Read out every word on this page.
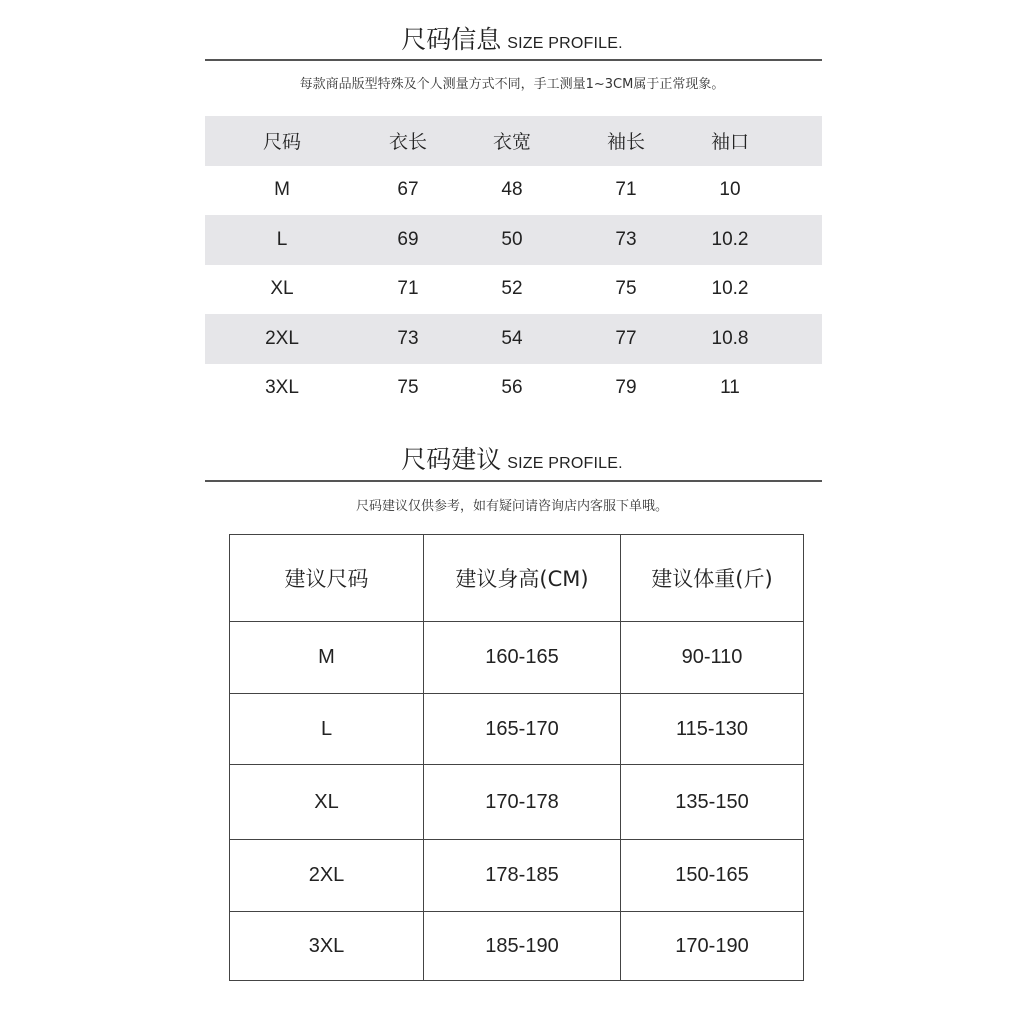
尺码信息 SIZE PROFILE.
每款商品版型特殊及个人测量方式不同，手工测量1~3CM属于正常现象。
尺码	衣长	衣宽	袖长	袖口
M	67	48	71	10
L	69	50	73	10.2
XL	71	52	75	10.2
2XL	73	54	77	10.8
3XL	75	56	79	11
尺码建议 SIZE PROFILE.
尺码建议仅供参考，如有疑问请咨询店内客服下单哦。
建议尺码	建议身高(CM)	建议体重(斤)
M	160-165	90-110
L	165-170	115-130
XL	170-178	135-150
2XL	178-185	150-165
3XL	185-190	170-190
